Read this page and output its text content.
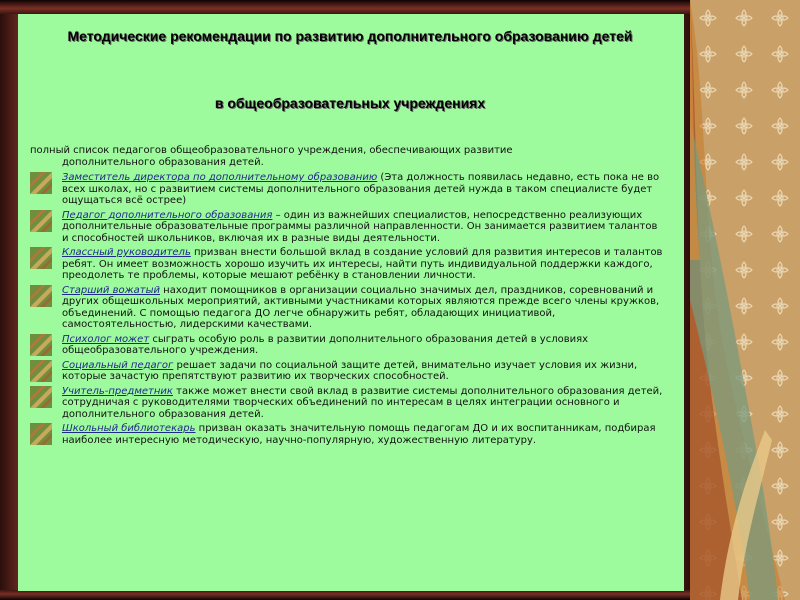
Методические рекомендации по развитию дополнительного образованию детей
в общеобразовательных учреждениях

полный список педагогов общеобразовательного учреждения, обеспечивающих развитие
дополнительного образования детей.

Заместитель директора по дополнительному образованию (Эта должность появилась недавно, есть пока не во всех школах, но с развитием системы дополнительного образования детей нужда в таком специалисте будет ощущаться всё острее)
Педагог дополнительного образования – один из важнейших специалистов, непосредственно реализующих дополнительные образовательные программы различной направленности. Он занимается развитием талантов и способностей школьников, включая их в разные виды деятельности.
Классный руководитель призван внести большой вклад в создание условий для развития интересов и талантов ребят. Он имеет возможность хорошо изучить их интересы, найти путь индивидуальной поддержки каждого, преодолеть те проблемы, которые мешают ребёнку в становлении личности.
Старший вожатый находит помощников в организации социально значимых дел, праздников, соревнований и других общешкольных мероприятий, активными участниками которых являются прежде всего члены кружков, объединений. С помощью педагога ДО легче обнаружить ребят, обладающих инициативой, самостоятельностью, лидерскими качествами.
Психолог может сыграть особую роль в развитии дополнительного образования детей в условиях общеобразовательного учреждения.
Социальный педагог решает задачи по социальной защите детей, внимательно изучает условия их жизни, которые зачастую препятствуют развитию их творческих способностей.
Учитель-предметник также может внести свой вклад в развитие системы дополнительного образования детей, сотрудничая с руководителями творческих объединений по интересам в целях интеграции основного и дополнительного образования детей.
Школьный библиотекарь призван оказать значительную помощь педагогам ДО и их воспитанникам, подбирая наиболее интересную методическую, научно-популярную, художественную литературу.
